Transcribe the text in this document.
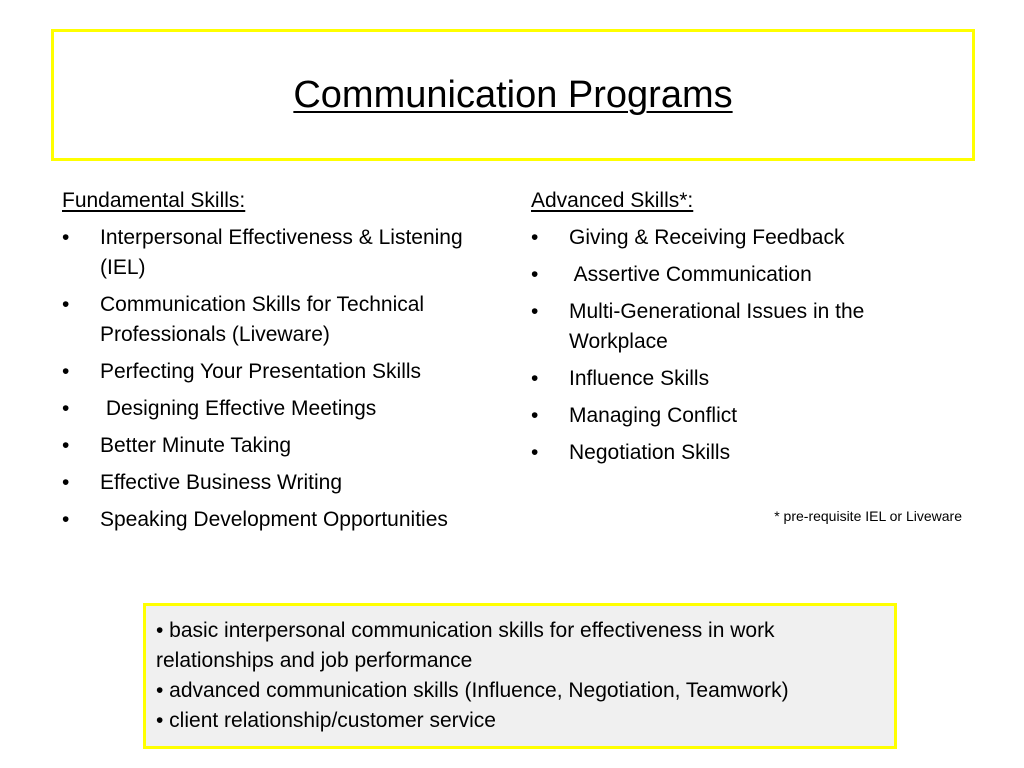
Communication Programs
Fundamental Skills:
•	Interpersonal Effectiveness & Listening (IEL)
•	Communication Skills for Technical Professionals (Liveware)
•	Perfecting Your Presentation Skills
•	Designing Effective Meetings
•	Better Minute Taking
•	Effective Business Writing
•	Speaking Development Opportunities
Advanced Skills*:
•	Giving & Receiving Feedback
•	Assertive Communication
•	Multi-Generational Issues in the Workplace
•	Influence Skills
•	Managing Conflict
•	Negotiation Skills
* pre-requisite IEL or Liveware
• basic interpersonal communication skills for effectiveness in work relationships and job performance
• advanced communication skills (Influence, Negotiation, Teamwork)
• client relationship/customer service
